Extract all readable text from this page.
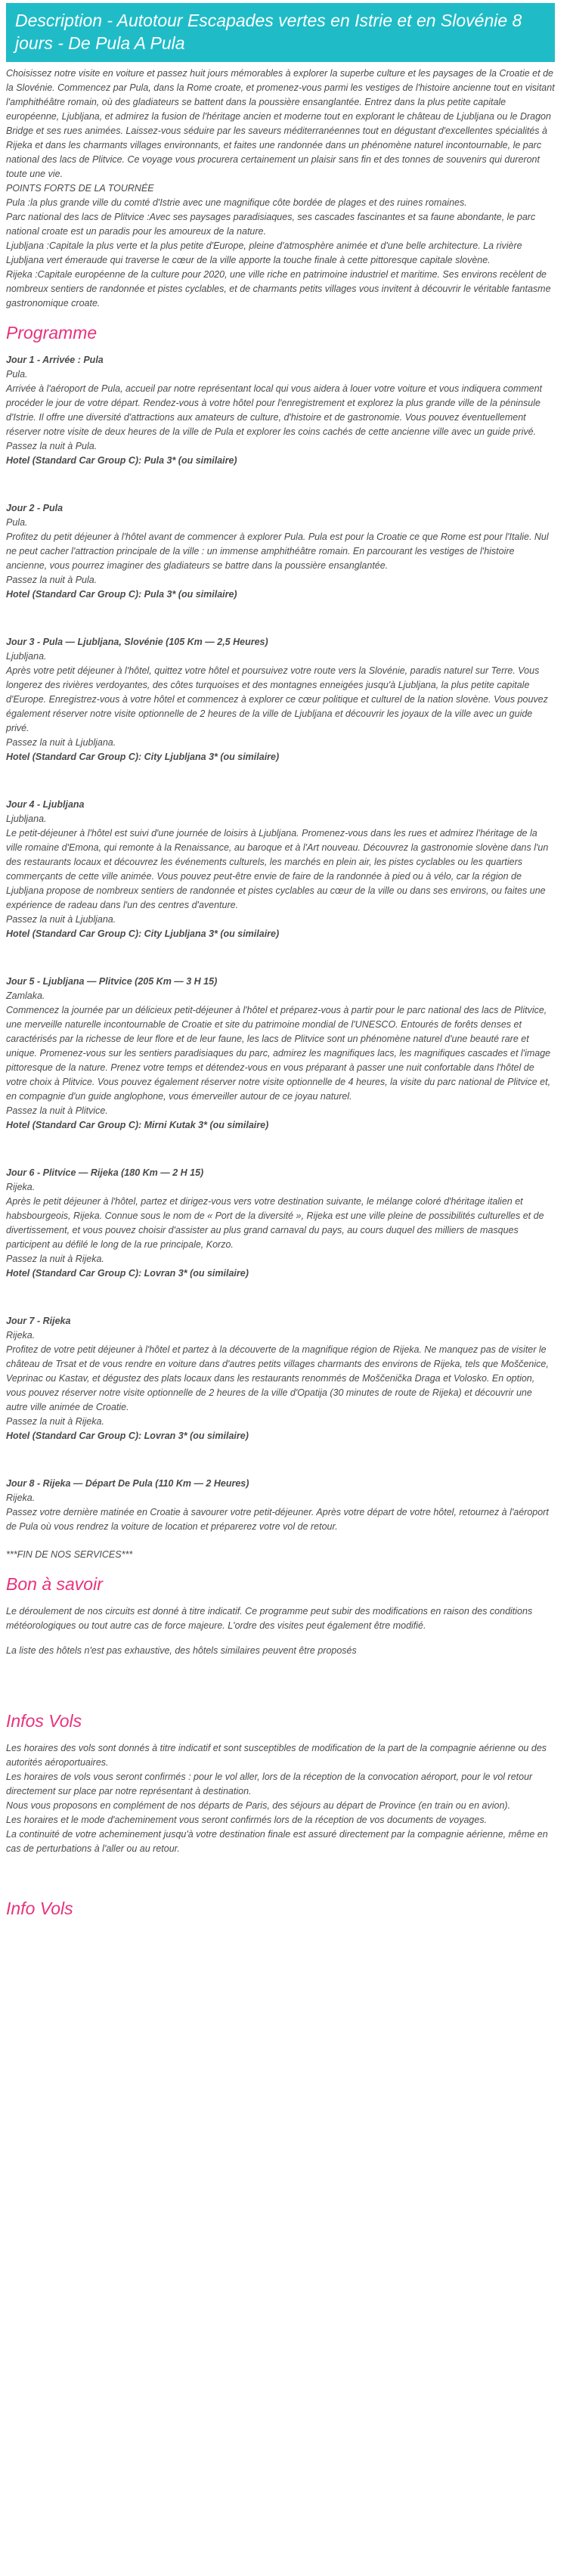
Description - Autotour Escapades vertes en Istrie et en Slovénie 8 jours - De Pula A Pula

Choisissez notre visite en voiture et passez huit jours mémorables à explorer la superbe culture et les paysages de la Croatie et de la Slovénie. Commencez par Pula, dans la Rome croate, et promenez-vous parmi les vestiges de l'histoire ancienne tout en visitant l'amphithéâtre romain, où des gladiateurs se battent dans la poussière ensanglantée. Entrez dans la plus petite capitale européenne, Ljubljana, et admirez la fusion de l'héritage ancien et moderne tout en explorant le château de Ljubljana ou le Dragon Bridge et ses rues animées. Laissez-vous séduire par les saveurs méditerranéennes tout en dégustant d'excellentes spécialités à Rijeka et dans les charmants villages environnants, et faites une randonnée dans un phénomène naturel incontournable, le parc national des lacs de Plitvice. Ce voyage vous procurera certainement un plaisir sans fin et des tonnes de souvenirs qui dureront toute une vie.

POINTS FORTS DE LA TOURNÉE

Pula :la plus grande ville du comté d'Istrie avec une magnifique côte bordée de plages et des ruines romaines.

Parc national des lacs de Plitvice :Avec ses paysages paradisiaques, ses cascades fascinantes et sa faune abondante, le parc national croate est un paradis pour les amoureux de la nature.

Ljubljana :Capitale la plus verte et la plus petite d'Europe, pleine d'atmosphère animée et d'une belle architecture. La rivière Ljubljana vert émeraude qui traverse le cœur de la ville apporte la touche finale à cette pittoresque capitale slovène.

Rijeka :Capitale européenne de la culture pour 2020, une ville riche en patrimoine industriel et maritime. Ses environs recèlent de nombreux sentiers de randonnée et pistes cyclables, et de charmants petits villages vous invitent à découvrir le véritable fantasme gastronomique croate.

Programme

Jour 1 - Arrivée : Pula

Pula.

Arrivée à l'aéroport de Pula, accueil par notre représentant local qui vous aidera à louer votre voiture et vous indiquera comment procéder le jour de votre départ. Rendez-vous à votre hôtel pour l'enregistrement et explorez la plus grande ville de la péninsule d'Istrie. Il offre une diversité d'attractions aux amateurs de culture, d'histoire et de gastronomie. Vous pouvez éventuellement réserver notre visite de deux heures de la ville de Pula et explorer les coins cachés de cette ancienne ville avec un guide privé.

Passez la nuit à Pula.

Hotel (Standard Car Group C): Pula 3* (ou similaire)

Jour 2 - Pula

Pula.

Profitez du petit déjeuner à l'hôtel avant de commencer à explorer Pula. Pula est pour la Croatie ce que Rome est pour l'Italie. Nul ne peut cacher l'attraction principale de la ville : un immense amphithéâtre romain. En parcourant les vestiges de l'histoire ancienne, vous pourrez imaginer des gladiateurs se battre dans la poussière ensanglantée.

Passez la nuit à Pula.

Hotel (Standard Car Group C): Pula 3* (ou similaire)

Jour 3 - Pula — Ljubljana, Slovénie (105 Km — 2,5 Heures)

Ljubljana.

Après votre petit déjeuner à l'hôtel, quittez votre hôtel et poursuivez votre route vers la Slovénie, paradis naturel sur Terre. Vous longerez des rivières verdoyantes, des côtes turquoises et des montagnes enneigées jusqu'à Ljubljana, la plus petite capitale d'Europe. Enregistrez-vous à votre hôtel et commencez à explorer ce cœur politique et culturel de la nation slovène. Vous pouvez également réserver notre visite optionnelle de 2 heures de la ville de Ljubljana et découvrir les joyaux de la ville avec un guide privé.

Passez la nuit à Ljubljana.

Hotel (Standard Car Group C): City Ljubljana 3* (ou similaire)

Jour 4 - Ljubljana

Ljubljana.

Le petit-déjeuner à l'hôtel est suivi d'une journée de loisirs à Ljubljana. Promenez-vous dans les rues et admirez l'héritage de la ville romaine d'Emona, qui remonte à la Renaissance, au baroque et à l'Art nouveau. Découvrez la gastronomie slovène dans l'un des restaurants locaux et découvrez les événements culturels, les marchés en plein air, les pistes cyclables ou les quartiers commerçants de cette ville animée. Vous pouvez peut-être envie de faire de la randonnée à pied ou à vélo, car la région de Ljubljana propose de nombreux sentiers de randonnée et pistes cyclables au cœur de la ville ou dans ses environs, ou faites une expérience de radeau dans l'un des centres d'aventure.

Passez la nuit à Ljubljana.

Hotel (Standard Car Group C): City Ljubljana 3* (ou similaire)

Jour 5 - Ljubljana — Plitvice (205 Km — 3 H 15)

Zamlaka.

Commencez la journée par un délicieux petit-déjeuner à l'hôtel et préparez-vous à partir pour le parc national des lacs de Plitvice, une merveille naturelle incontournable de Croatie et site du patrimoine mondial de l'UNESCO. Entourés de forêts denses et caractérisés par la richesse de leur flore et de leur faune, les lacs de Plitvice sont un phénomène naturel d'une beauté rare et unique. Promenez-vous sur les sentiers paradisiaques du parc, admirez les magnifiques lacs, les magnifiques cascades et l'image pittoresque de la nature. Prenez votre temps et détendez-vous en vous préparant à passer une nuit confortable dans l'hôtel de votre choix à Plitvice. Vous pouvez également réserver notre visite optionnelle de 4 heures, la visite du parc national de Plitvice et, en compagnie d'un guide anglophone, vous émerveiller autour de ce joyau naturel.

Passez la nuit à Plitvice.

Hotel (Standard Car Group C): Mirni Kutak 3* (ou similaire)

Jour 6 - Plitvice — Rijeka (180 Km — 2 H 15)

Rijeka.

Après le petit déjeuner à l'hôtel, partez et dirigez-vous vers votre destination suivante, le mélange coloré d'héritage italien et habsbourgeois, Rijeka. Connue sous le nom de « Port de la diversité », Rijeka est une ville pleine de possibilités culturelles et de divertissement, et vous pouvez choisir d'assister au plus grand carnaval du pays, au cours duquel des milliers de masques participent au défilé le long de la rue principale, Korzo.

Passez la nuit à Rijeka.

Hotel (Standard Car Group C): Lovran 3* (ou similaire)

Jour 7 - Rijeka

Rijeka.

Profitez de votre petit déjeuner à l'hôtel et partez à la découverte de la magnifique région de Rijeka. Ne manquez pas de visiter le château de Trsat et de vous rendre en voiture dans d'autres petits villages charmants des environs de Rijeka, tels que Moščenice, Veprinac ou Kastav, et dégustez des plats locaux dans les restaurants renommés de Moščenička Draga et Volosko. En option, vous pouvez réserver notre visite optionnelle de 2 heures de la ville d'Opatija (30 minutes de route de Rijeka) et découvrir une autre ville animée de Croatie.

Passez la nuit à Rijeka.

Hotel (Standard Car Group C): Lovran 3* (ou similaire)

Jour 8 - Rijeka — Départ De Pula (110 Km — 2 Heures)

Rijeka.

Passez votre dernière matinée en Croatie à savourer votre petit-déjeuner. Après votre départ de votre hôtel, retournez à l'aéroport de Pula où vous rendrez la voiture de location et préparerez votre vol de retour.

***FIN DE NOS SERVICES***

Bon à savoir

Le déroulement de nos circuits est donné à titre indicatif. Ce programme peut subir des modifications en raison des conditions météorologiques ou tout autre cas de force majeure. L'ordre des visites peut également être modifié.

La liste des hôtels n'est pas exhaustive, des hôtels similaires peuvent être proposés

Infos Vols

Les horaires des vols sont donnés à titre indicatif et sont susceptibles de modification de la part de la compagnie aérienne ou des autorités aéroportuaires.

Les horaires de vols vous seront confirmés : pour le vol aller, lors de la réception de la convocation aéroport, pour le vol retour directement sur place par notre représentant à destination.

Nous vous proposons en complément de nos départs de Paris, des séjours au départ de Province (en train ou en avion).

Les horaires et le mode d'acheminement vous seront confirmés lors de la réception de vos documents de voyages.

La continuité de votre acheminement jusqu'à votre destination finale est assuré directement par la compagnie aérienne, même en cas de perturbations à l'aller ou au retour.

Info Vols
